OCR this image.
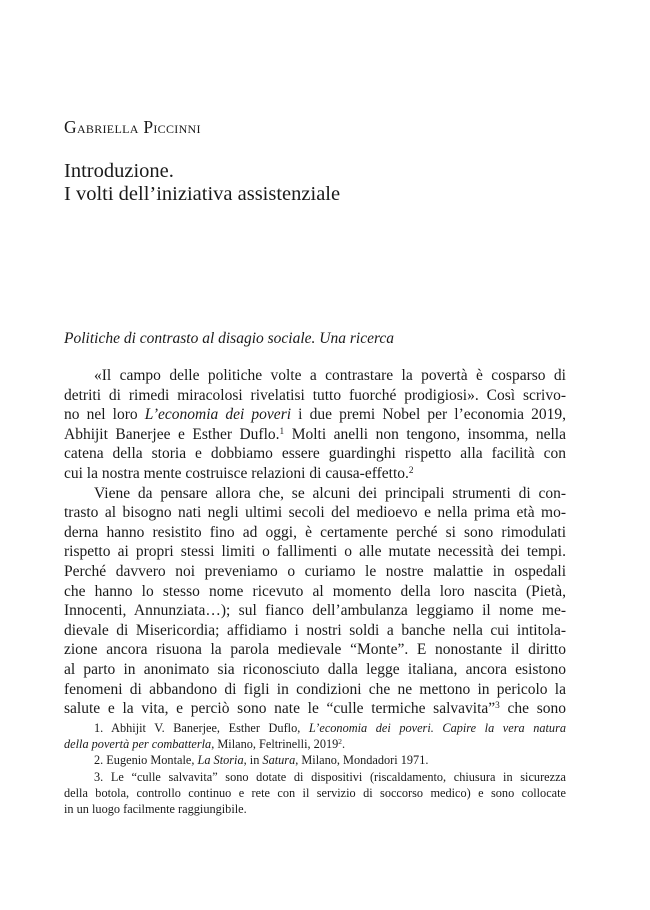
Gabriella Piccinni
Introduzione.
I volti dell’iniziativa assistenziale
Politiche di contrasto al disagio sociale. Una ricerca
«Il campo delle politiche volte a contrastare la povertà è cosparso di
detriti di rimedi miracolosi rivelatisi tutto fuorché prodigiosi». Così scrivo-
no nel loro L’economia dei poveri i due premi Nobel per l’economia 2019,
Abhijit Banerjee e Esther Duflo.$^1$ Molti anelli non tengono, insomma, nella
catena della storia e dobbiamo essere guardinghi rispetto alla facilità con
cui la nostra mente costruisce relazioni di causa-effetto.$^2$
Viene da pensare allora che, se alcuni dei principali strumenti di con-
trasto al bisogno nati negli ultimi secoli del medioevo e nella prima età mo-
derna hanno resistito fino ad oggi, è certamente perché si sono rimodulati
rispetto ai propri stessi limiti o fallimenti o alle mutate necessità dei tempi.
Perché davvero noi preveniamo o curiamo le nostre malattie in ospedali
che hanno lo stesso nome ricevuto al momento della loro nascita (Pietà,
Innocenti, Annunziata…); sul fianco dell’ambulanza leggiamo il nome me-
dievale di Misericordia; affidiamo i nostri soldi a banche nella cui intitola-
zione ancora risuona la parola medievale “Monte”. E nonostante il diritto
al parto in anonimato sia riconosciuto dalla legge italiana, ancora esistono
fenomeni di abbandono di figli in condizioni che ne mettono in pericolo la
salute e la vita, e perciò sono nate le “culle termiche salvavita”$^3$ che sono
1. Abhijit V. Banerjee, Esther Duflo, L’economia dei poveri. Capire la vera natura
della povertà per combatterla, Milano, Feltrinelli, 2019$^2$.
2. Eugenio Montale, La Storia, in Satura, Milano, Mondadori 1971.
3. Le “culle salvavita” sono dotate di dispositivi (riscaldamento, chiusura in sicurezza
della botola, controllo continuo e rete con il servizio di soccorso medico) e sono collocate
in un luogo facilmente raggiungibile.
